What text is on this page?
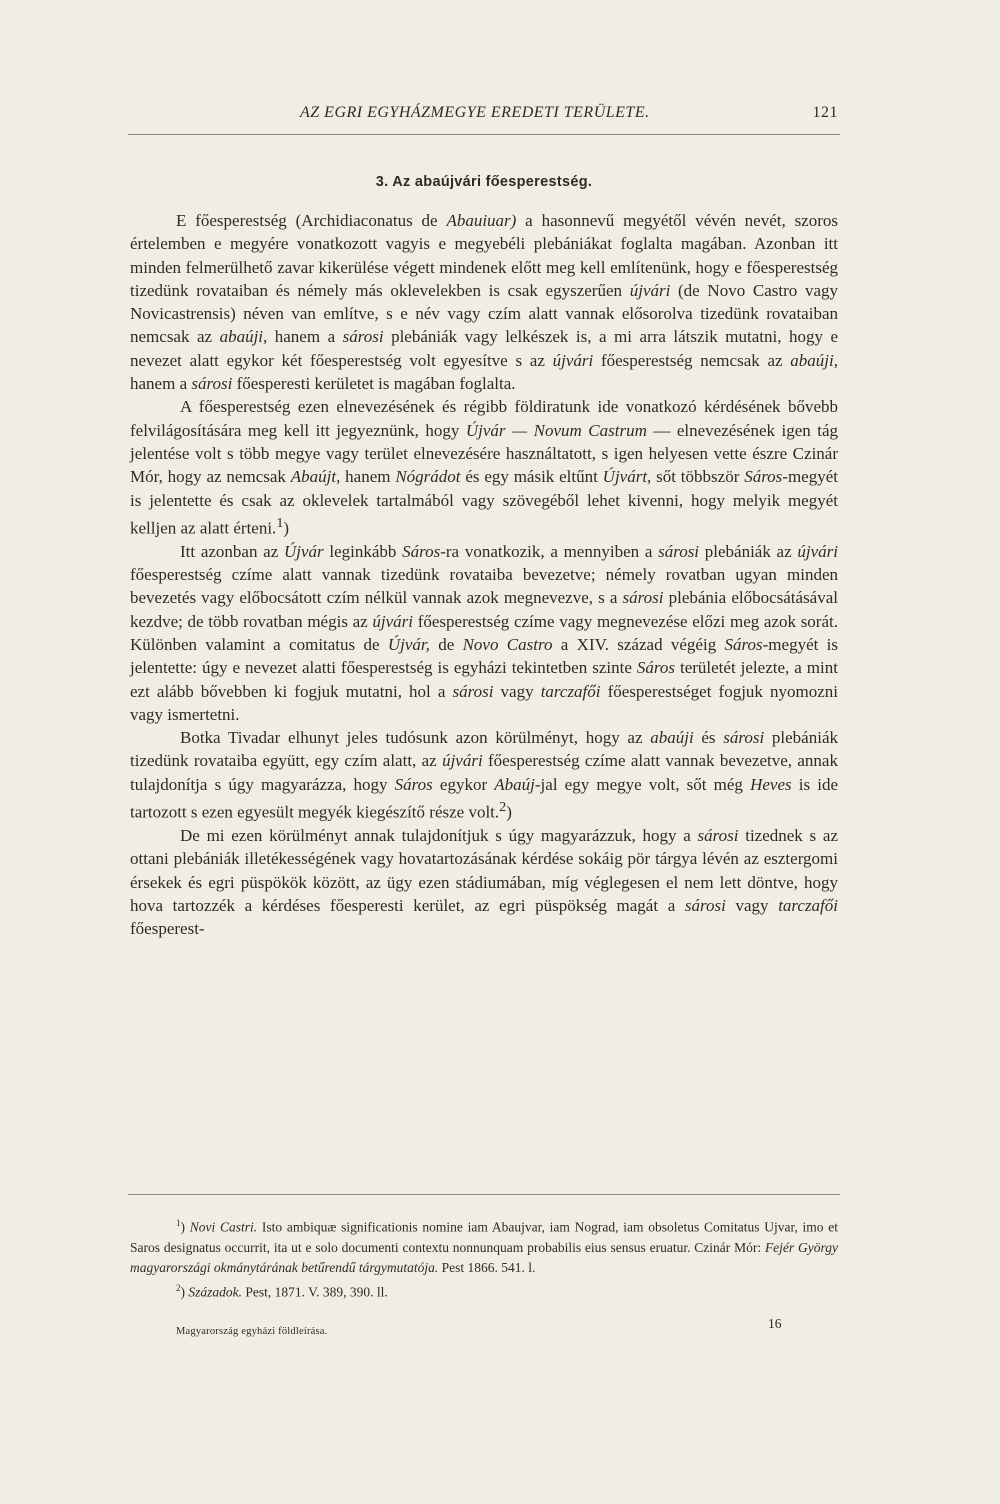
AZ EGRI EGYHÁZMEGYE EREDETI TERÜLETE.	121
3. Az abaújvári főesperestség.

E főesperestség (Archidiaconatus de Abauiuar) a hasonnevű megyétől vévén nevét, szoros értelemben e megyére vonatkozott vagyis e megyebéli plebániákat foglalta magában. Azonban itt minden felmerülhető zavar kikerülése végett mindenek előtt meg kell említenünk, hogy e főesperestség tizedünk rovataiban és némely más oklevelekben is csak egyszerűen újvári (de Novo Castro vagy Novicastrensis) néven van említve, s e név vagy czím alatt vannak elősorolva tizedünk rovataiban nemcsak az abaúji, hanem a sárosi plebániák vagy lelkészek is, a mi arra látszik mutatni, hogy e nevezet alatt egykor két főesperestség volt egyesítve s az újvári főesperestség nemcsak az abaúji, hanem a sárosi főesperesti kerületet is magában foglalta.

A főesperestség ezen elnevezésének és régibb földiratunk ide vonatkozó kérdésének bővebb felvilágosítására meg kell itt jegyeznünk, hogy Újvár — Novum Castrum — elnevezésének igen tág jelentése volt s több megye vagy terület elnevezésére használtatott, s igen helyesen vette észre Czinár Mór, hogy az nemcsak Abaújt, hanem Nógrádot és egy másik eltűnt Újvárt, sőt többször Sáros-megyét is jelentette és csak az oklevelek tartalmából vagy szövegéből lehet kivenni, hogy melyik megyét kelljen az alatt érteni.$^1$)

Itt azonban az Újvár leginkább Sáros-ra vonatkozik, a mennyiben a sárosi plebániák az újvári főesperestség czíme alatt vannak tizedünk rovataiba bevezetve; némely rovatban ugyan minden bevezetés vagy előbocsátott czím nélkül vannak azok megnevezve, s a sárosi plebánia előbocsátásával kezdve; de több rovatban mégis az újvári főesperestség czíme vagy megnevezése előzi meg azok sorát. Különben valamint a comitatus de Újvár, de Novo Castro a XIV. század végéig Sáros-megyét is jelentette: úgy e nevezet alatti főesperestség is egyházi tekintetben szinte Sáros területét jelezte, a mint ezt alább bővebben ki fogjuk mutatni, hol a sárosi vagy tarczafői főesperestséget fogjuk nyomozni vagy ismertetni.

Botka Tivadar elhunyt jeles tudósunk azon körülményt, hogy az abaúji és sárosi plebániák tizedünk rovataiba együtt, egy czím alatt, az újvári főesperestség czíme alatt vannak bevezetve, annak tulajdonítja s úgy magyarázza, hogy Sáros egykor Abaúj-jal egy megye volt, sőt még Heves is ide tartozott s ezen egyesült megyék kiegészítő része volt.$^2$)

De mi ezen körülményt annak tulajdonítjuk s úgy magyarázzuk, hogy a sárosi tizednek s az ottani plebániák illetékességének vagy hovatartozásának kérdése sokáig pör tárgya lévén az esztergomi érsekek és egri püspökök között, az ügy ezen stádiumában, míg véglegesen el nem lett döntve, hogy hova tartozzék a kérdéses főesperesti kerület, az egri püspökség magát a sárosi vagy tarczafői főesperest-

$^1$) Novi Castri. Isto ambiquæ significationis nomine iam Abaujvar, iam Nograd, iam obsoletus Comitatus Ujvar, imo et Saros designatus occurrit, ita ut e solo documenti contextu nonnunquam probabilis eius sensus eruatur. Czinár Mór: Fejér György magyarországi okmánytárának betűrendű tárgymutatója. Pest 1866. 541. l.

$^2$) Századok. Pest, 1871. V. 389, 390. ll.

Magyarország egyházi földleírása.
16
